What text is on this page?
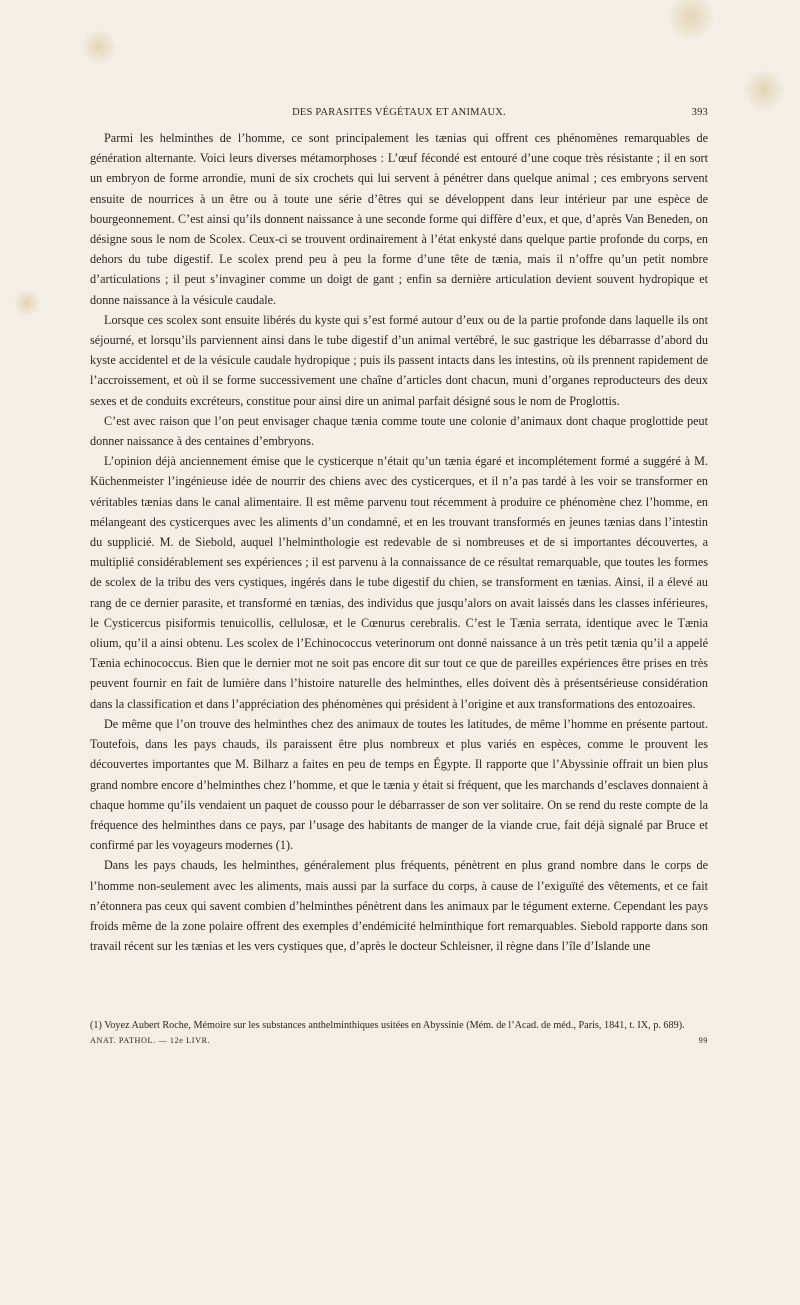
DES PARASITES VÉGÉTAUX ET ANIMAUX.	393

Parmi les helminthes de l’homme, ce sont principalement les tænias qui offrent ces phénomènes remarquables de génération alternante. Voici leurs diverses métamorphoses : L’œuf fécondé est entouré d’une coque très résistante ; il en sort un embryon de forme arrondie, muni de six crochets qui lui servent à pénétrer dans quelque animal ; ces embryons servent ensuite de nourrices à un être ou à toute une série d’êtres qui se développent dans leur intérieur par une espèce de bourgeonnement. C’est ainsi qu’ils donnent naissance à une seconde forme qui diffère d’eux, et que, d’après Van Beneden, on désigne sous le nom de Scolex. Ceux-ci se trouvent ordinairement à l’état enkysté dans quelque partie profonde du corps, en dehors du tube digestif. Le scolex prend peu à peu la forme d’une tête de tænia, mais il n’offre qu’un petit nombre d’articulations ; il peut s’invaginer comme un doigt de gant ; enfin sa dernière articulation devient souvent hydropique et donne naissance à la vésicule caudale.

Lorsque ces scolex sont ensuite libérés du kyste qui s’est formé autour d’eux ou de la partie profonde dans laquelle ils ont séjourné, et lorsqu’ils parviennent ainsi dans le tube digestif d’un animal vertébré, le suc gastrique les débarrasse d’abord du kyste accidentel et de la vésicule caudale hydropique ; puis ils passent intacts dans les intestins, où ils prennent rapidement de l’accroissement, et où il se forme successivement une chaîne d’articles dont chacun, muni d’organes reproducteurs des deux sexes et de conduits excréteurs, constitue pour ainsi dire un animal parfait désigné sous le nom de Proglottis.

C’est avec raison que l’on peut envisager chaque tænia comme toute une colonie d’animaux dont chaque proglottide peut donner naissance à des centaines d’embryons.

L’opinion déjà anciennement émise que le cysticerque n’était qu’un tænia égaré et incomplétement formé a suggéré à M. Küchenmeister l’ingénieuse idée de nourrir des chiens avec des cysticerques, et il n’a pas tardé à les voir se transformer en véritables tænias dans le canal alimentaire. Il est même parvenu tout récemment à produire ce phénomène chez l’homme, en mélangeant des cysticerques avec les aliments d’un condamné, et en les trouvant transformés en jeunes tænias dans l’intestin du supplicié. M. de Siebold, auquel l’helminthologie est redevable de si nombreuses et de si importantes découvertes, a multiplié considérablement ses expériences ; il est parvenu à la connaissance de ce résultat remarquable, que toutes les formes de scolex de la tribu des vers cystiques, ingérés dans le tube digestif du chien, se transforment en tænias. Ainsi, il a élevé au rang de ce dernier parasite, et transformé en tænias, des individus que jusqu’alors on avait laissés dans les classes inférieures, le Cysticercus pisiformis tenuicollis, cellulosæ, et le Cœnurus cerebralis. C’est le Tænia serrata, identique avec le Tænia olium, qu’il a ainsi obtenu. Les scolex de l’Echinococcus veterinorum ont donné naissance à un très petit tænia qu’il a appelé Tænia echinococcus. Bien que le dernier mot ne soit pas encore dit sur tout ce que de pareilles expériences être prises en très peuvent fournir en fait de lumière dans l’histoire naturelle des helminthes, elles doivent dès à présentsérieusе considération dans la classification et dans l’appréciation des phénomènes qui président à l’origine et aux transformations des entozoaires.

De même que l’on trouve des helminthes chez des animaux de toutes les latitudes, de même l’homme en présente partout. Toutefois, dans les pays chauds, ils paraissent être plus nombreux et plus variés en espèces, comme le prouvent les découvertes importantes que M. Bilharz a faites en peu de temps en Égypte. Il rapporte que l’Abyssinie offrait un bien plus grand nombre encore d’helminthes chez l’homme, et que le tænia y était si fréquent, que les marchands d’esclaves donnaient à chaque homme qu’ils vendaient un paquet de cousso pour le débarrasser de son ver solitaire. On se rend du reste compte de la fréquence des helminthes dans ce pays, par l’usage des habitants de manger de la viande crue, fait déjà signalé par Bruce et confirmé par les voyageurs modernes (1).

Dans les pays chauds, les helminthes, généralement plus fréquents, pénètrent en plus grand nombre dans le corps de l’homme non-seulement avec les aliments, mais aussi par la surface du corps, à cause de l’exiguïté des vêtements, et ce fait n’étonnera pas ceux qui savent combien d’helminthes pénètrent dans les animaux par le tégument externe. Cependant les pays froids même de la zone polaire offrent des exemples d’endémicité helminthique fort remarquables. Siebold rapporte dans son travail récent sur les tænias et les vers cystiques que, d’après le docteur Schleisner, il règne dans l’île d’Islande une

(1) Voyez Aubert Roche, Mémoire sur les substances anthelminthiques usitées en Abyssinie (Mém. de l’Acad. de méd., Paris, 1841, t. IX, p. 689).
ANAT. PATHOL. — 12e LIVR.	99
